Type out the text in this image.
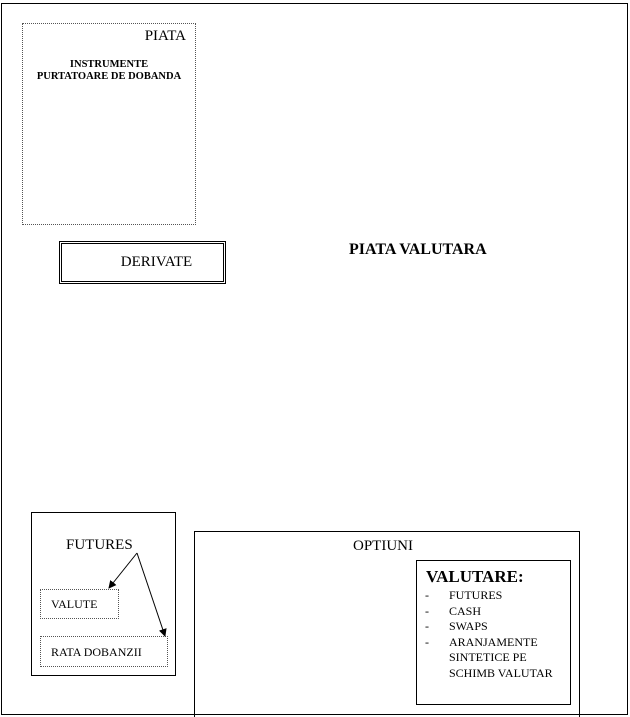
PIATA
INSTRUMENTE
PURTATOARE DE DOBANDA
DERIVATE
PIATA VALUTARA
FUTURES
VALUTE
RATA DOBANZII
OPTIUNI
VALUTARE:
- FUTURES
- CASH
- SWAPS
- ARANJAMENTE SINTETICE PE SCHIMB VALUTAR
